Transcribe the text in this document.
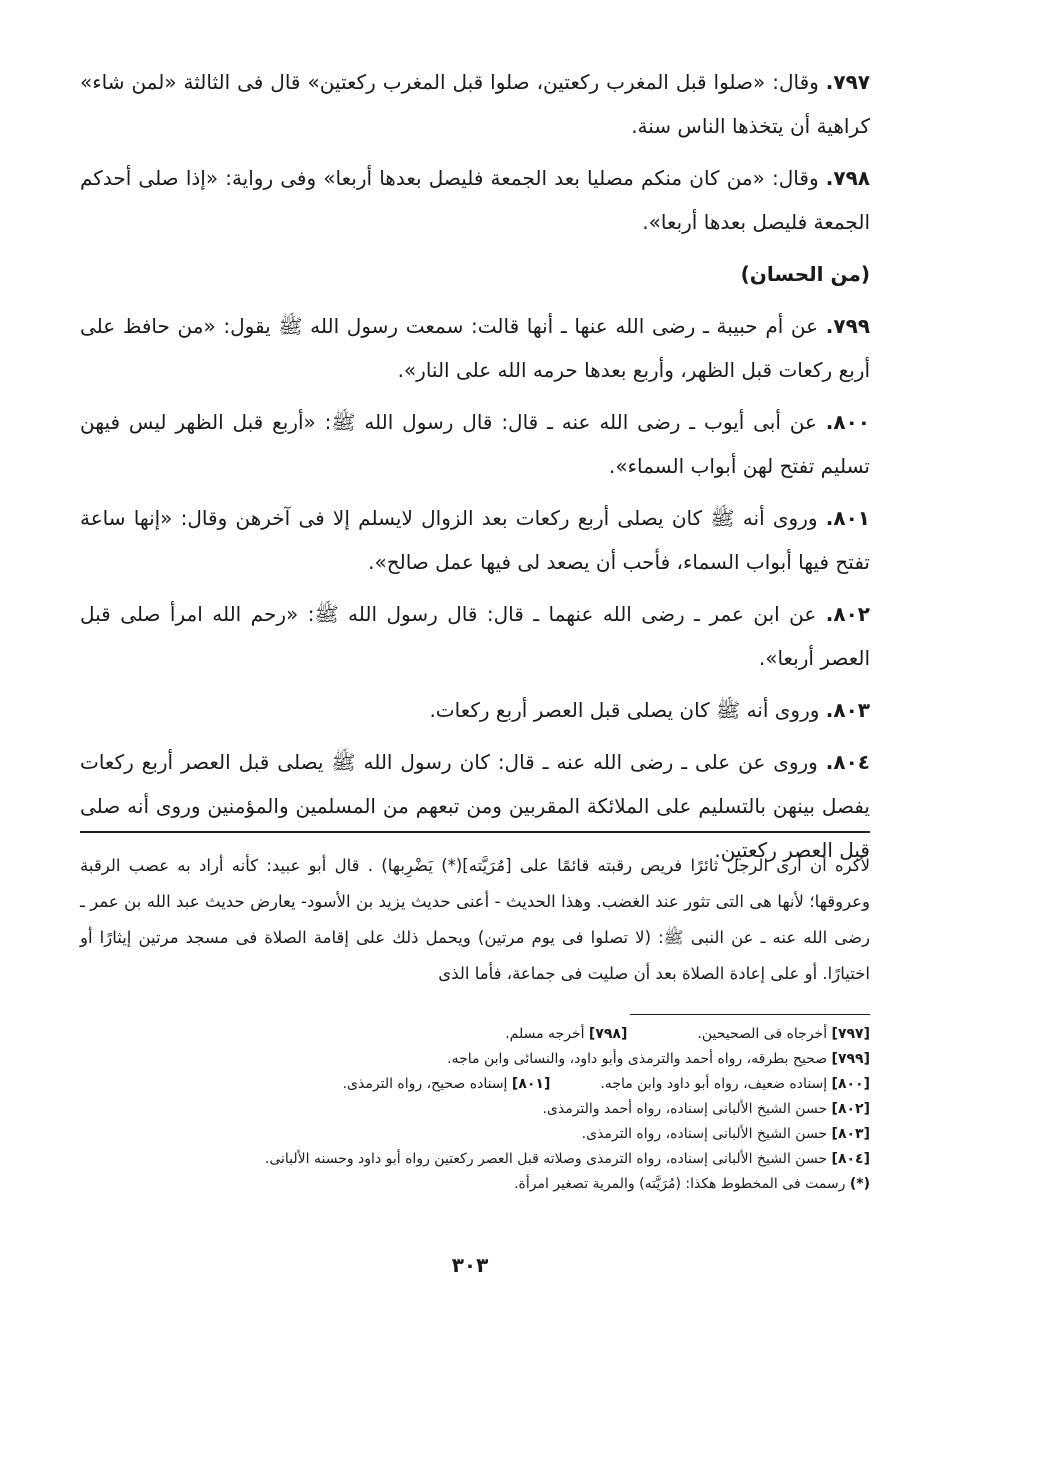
٧٩٧. وقال: «صلوا قبل المغرب ركعتين، صلوا قبل المغرب ركعتين» قال فى الثالثة «لمن شاء» كراهية أن يتخذها الناس سنة.

٧٩٨. وقال: «من كان منكم مصليا بعد الجمعة فليصل بعدها أربعا» وفى رواية: «إذا صلى أحدكم الجمعة فليصل بعدها أربعا».

(من الحسان)

٧٩٩. عن أم حبيبة ـ رضى الله عنها ـ أنها قالت: سمعت رسول الله ﷺ يقول: «من حافظ على أربع ركعات قبل الظهر، وأربع بعدها حرمه الله على النار».

٨٠٠. عن أبى أيوب ـ رضى الله عنه ـ قال: قال رسول الله ﷺ: «أربع قبل الظهر ليس فيهن تسليم تفتح لهن أبواب السماء».

٨٠١. وروى أنه ﷺ كان يصلى أربع ركعات بعد الزوال لايسلم إلا فى آخرهن وقال: «إنها ساعة تفتح فيها أبواب السماء، فأحب أن يصعد لى فيها عمل صالح».

٨٠٢. عن ابن عمر ـ رضى الله عنهما ـ قال: قال رسول الله ﷺ: «رحم الله امرأ صلى قبل العصر أربعا».

٨٠٣. وروى أنه ﷺ كان يصلى قبل العصر أربع ركعات.

٨٠٤. وروى عن على ـ رضى الله عنه ـ قال: كان رسول الله ﷺ يصلى قبل العصر أربع ركعات يفصل بينهن بالتسليم على الملائكة المقربين ومن تبعهم من المسلمين والمؤمنين وروى أنه صلى قبل العصر ركعتين.

لأكره أن أرى الرجل ثائرًا فريص رقبته قائمًا على [مُرَيَّته](*) يَضْرِبها) . قال أبو عبيد: كأنه أراد به عصب الرقبة وعروقها؛ لأنها هى التى تثور عند الغضب. وهذا الحديث - أعنى حديث يزيد بن الأسود- يعارض حديث عبد الله بن عمر ـ رضى الله عنه ـ عن النبى ﷺ: (لا تصلوا فى يوم مرتين) ويحمل ذلك على إقامة الصلاة فى مسجد مرتين إيثارًا أو اختيارًا. أو على إعادة الصلاة بعد أن صليت فى جماعة، فأما الذى
[٧٩٧] أخرجاه فى الصحيحين.
[٧٩٨] أخرجه مسلم.
[٧٩٩] صحيح بطرقه، رواه أحمد والترمذى وأبو داود، والنسائى وابن ماجه.
[٨٠٠] إسناده ضعيف، رواه أبو داود وابن ماجه.
[٨٠١] إسناده صحيح، رواه الترمذى.
[٨٠٢] حسن الشيخ الألبانى إسناده، رواه أحمد والترمذى.
[٨٠٣] حسن الشيخ الألبانى إسناده، رواه الترمذى.
[٨٠٤] حسن الشيخ الألبانى إسناده، رواه الترمذى وصلاته قبل العصر ركعتين رواه أبو داود وحسنه الألبانى.
(*) رسمت فى المخطوط هكذا: (مُرَيَّته) والمرية تصغير امرأة.
٣٠٣
